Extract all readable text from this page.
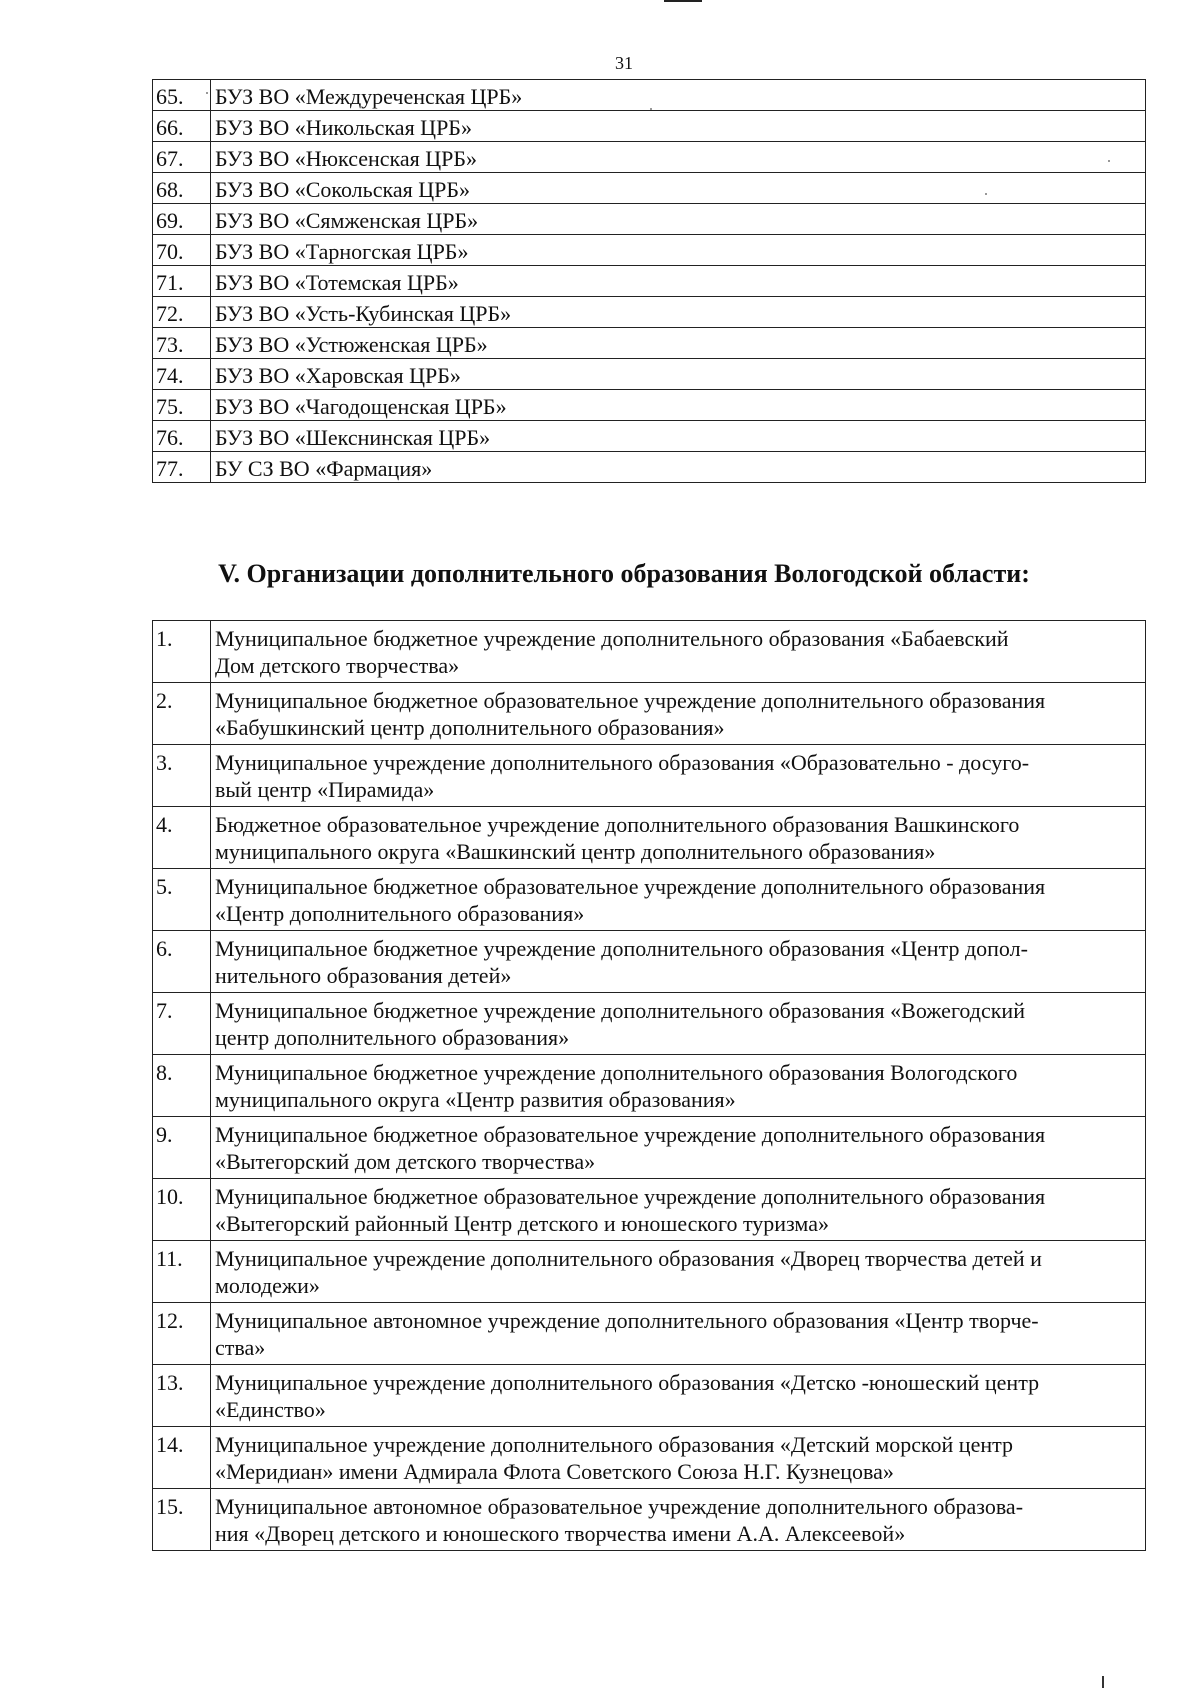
31
65.	БУЗ ВО «Междуреченская ЦРБ»
66.	БУЗ ВО «Никольская ЦРБ»
67.	БУЗ ВО «Нюксенская ЦРБ»
68.	БУЗ ВО «Сокольская ЦРБ»
69.	БУЗ ВО «Сямженская ЦРБ»
70.	БУЗ ВО «Тарногская ЦРБ»
71.	БУЗ ВО «Тотемская ЦРБ»
72.	БУЗ ВО «Усть-Кубинская ЦРБ»
73.	БУЗ ВО «Устюженская ЦРБ»
74.	БУЗ ВО «Харовская ЦРБ»
75.	БУЗ ВО «Чагодощенская ЦРБ»
76.	БУЗ ВО «Шекснинская ЦРБ»
77.	БУ СЗ ВО «Фармация»
V. Организации дополнительного образования Вологодской области:
1.	Муниципальное бюджетное учреждение дополнительного образования «Бабаевский
Дом детского творчества»

2.	Муниципальное бюджетное образовательное учреждение дополнительного образования
«Бабушкинский центр дополнительного образования»

3.	Муниципальное учреждение дополнительного образования «Образовательно - досуго-
вый центр «Пирамида»

4.	Бюджетное образовательное учреждение дополнительного образования Вашкинского
муниципального округа «Вашкинский центр дополнительного образования»

5.	Муниципальное бюджетное образовательное учреждение дополнительного образования
«Центр дополнительного образования»

6.	Муниципальное бюджетное учреждение дополнительного образования «Центр допол-
нительного образования детей»

7.	Муниципальное бюджетное учреждение дополнительного образования «Вожегодский
центр дополнительного образования»

8.	Муниципальное бюджетное учреждение дополнительного образования Вологодского
муниципального округа «Центр развития образования»

9.	Муниципальное бюджетное образовательное учреждение дополнительного образования
«Вытегорский дом детского творчества»

10.	Муниципальное бюджетное образовательное учреждение дополнительного образования
«Вытегорский районный Центр детского и юношеского туризма»

11.	Муниципальное учреждение дополнительного образования «Дворец творчества детей и
молодежи»

12.	Муниципальное автономное учреждение дополнительного образования «Центр творче-
ства»

13.	Муниципальное учреждение дополнительного образования «Детско -юношеский центр
«Единство»

14.	Муниципальное учреждение дополнительного образования «Детский морской центр
«Меридиан» имени Адмирала Флота Советского Союза Н.Г. Кузнецова»

15.	Муниципальное автономное образовательное учреждение дополнительного образова-
ния «Дворец детского и юношеского творчества имени А.А. Алексеевой»
